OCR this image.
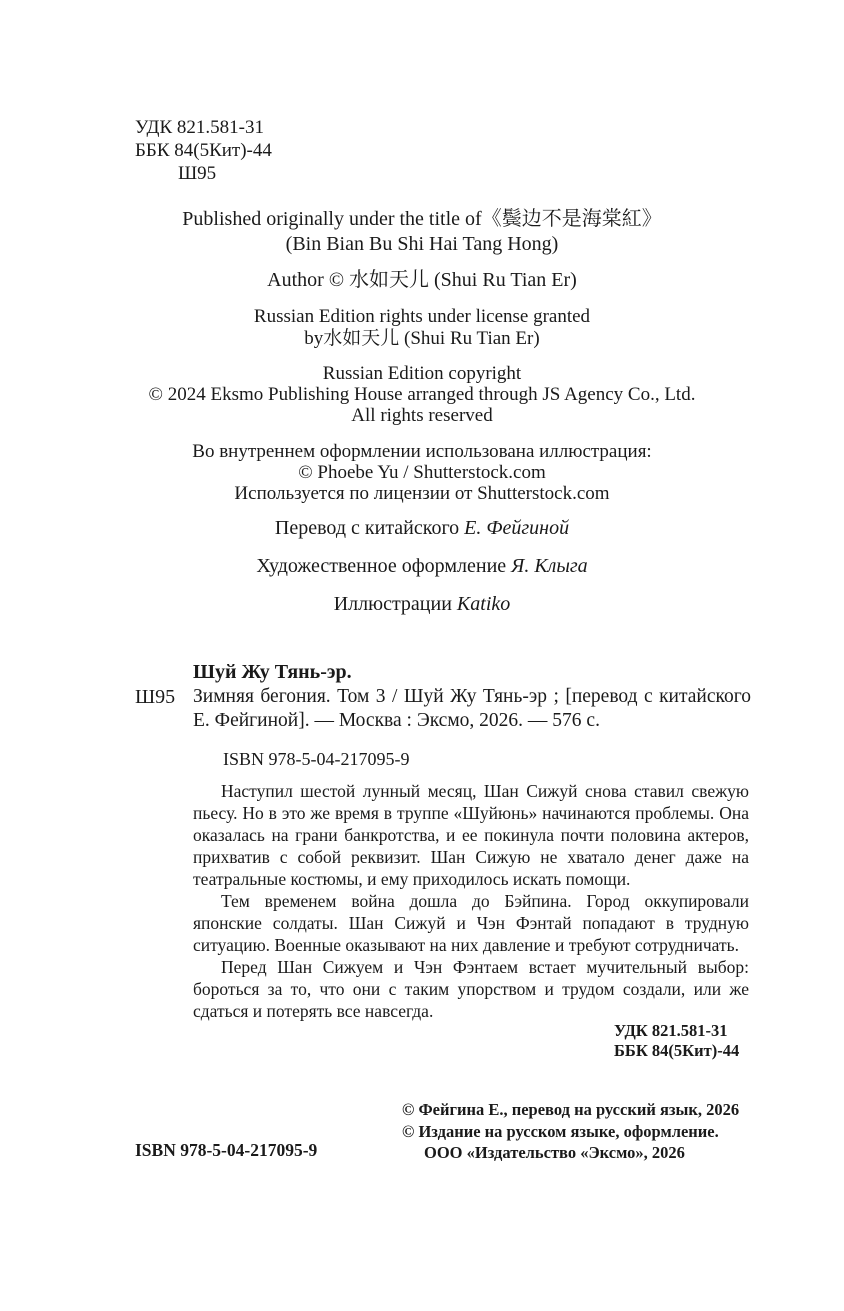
УДК 821.581-31
ББК 84(5Кит)-44
Ш95
Published originally under the title of《鬓边不是海棠紅》
(Bin Bian Bu Shi Hai Tang Hong)
Author © 水如天儿 (Shui Ru Tian Er)
Russian Edition rights under license granted
by水如天儿 (Shui Ru Tian Er)
Russian Edition copyright
© 2024 Eksmo Publishing House arranged through JS Agency Co., Ltd.
All rights reserved
Во внутреннем оформлении использована иллюстрация:
© Phoebe Yu / Shutterstock.com
Используется по лицензии от Shutterstock.com
Перевод с китайского Е. Фейгиной
Художественное оформление Я. Клыга
Иллюстрации Katiko
Шуй Жу Тянь-эр.
Ш95 Зимняя бегония. Том 3 / Шуй Жу Тянь-эр ; [перевод с китайского Е. Фейгиной]. — Москва : Эксмо, 2026. — 576 с.
ISBN 978-5-04-217095-9

Наступил шестой лунный месяц, Шан Сижуй снова ставил свежую пьесу. Но в это же время в труппе «Шуйюнь» начинаются проблемы. Она оказалась на грани банкротства, и ее покинула почти половина актеров, прихватив с собой реквизит. Шан Сижую не хватало денег даже на театральные костюмы, и ему приходилось искать помощи.

Тем временем война дошла до Бэйпина. Город оккупировали японские солдаты. Шан Сижуй и Чэн Фэнтай попадают в трудную ситуацию. Военные оказывают на них давление и требуют сотрудничать.

Перед Шан Сижуем и Чэн Фэнтаем встает мучительный выбор: бороться за то, что они с таким упорством и трудом создали, или же сдаться и потерять все навсегда.

УДК 821.581-31
ББК 84(5Кит)-44
ISBN 978-5-04-217095-9
© Фейгина Е., перевод на русский язык, 2026
© Издание на русском языке, оформление.
ООО «Издательство «Эксмо», 2026
